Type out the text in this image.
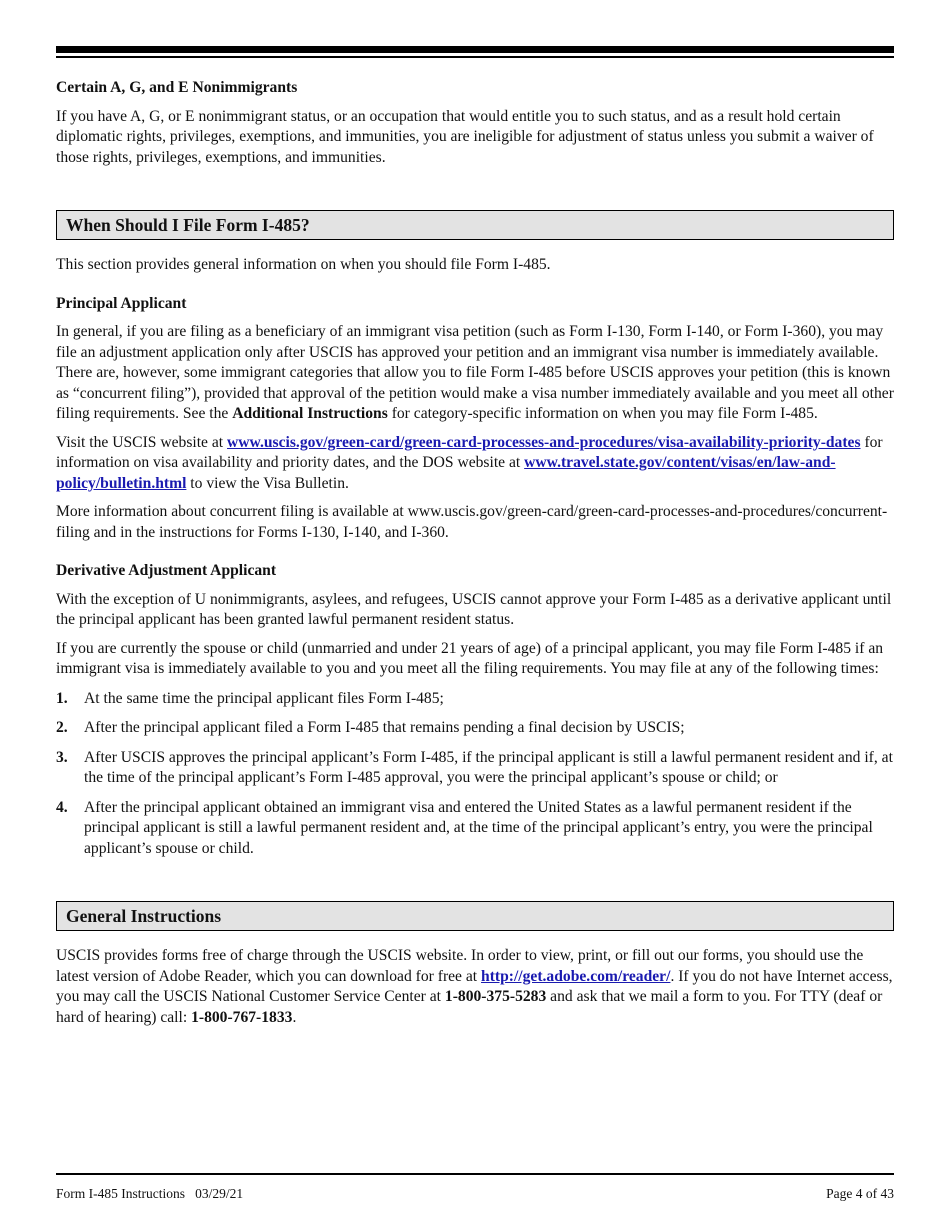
Certain A, G, and E Nonimmigrants

If you have A, G, or E nonimmigrant status, or an occupation that would entitle you to such status, and as a result hold certain diplomatic rights, privileges, exemptions, and immunities, you are ineligible for adjustment of status unless you submit a waiver of those rights, privileges, exemptions, and immunities.

When Should I File Form I-485?

This section provides general information on when you should file Form I-485.

Principal Applicant

In general, if you are filing as a beneficiary of an immigrant visa petition (such as Form I-130, Form I-140, or Form I-360), you may file an adjustment application only after USCIS has approved your petition and an immigrant visa number is immediately available. There are, however, some immigrant categories that allow you to file Form I-485 before USCIS approves your petition (this is known as “concurrent filing”), provided that approval of the petition would make a visa number immediately available and you meet all other filing requirements. See the Additional Instructions for category-specific information on when you may file Form I-485.

Visit the USCIS website at www.uscis.gov/green-card/green-card-processes-and-procedures/visa-availability-priority-dates for information on visa availability and priority dates, and the DOS website at www.travel.state.gov/content/visas/en/law-and-policy/bulletin.html to view the Visa Bulletin.

More information about concurrent filing is available at www.uscis.gov/green-card/green-card-processes-and-procedures/concurrent-filing and in the instructions for Forms I-130, I-140, and I-360.

Derivative Adjustment Applicant

With the exception of U nonimmigrants, asylees, and refugees, USCIS cannot approve your Form I-485 as a derivative applicant until the principal applicant has been granted lawful permanent resident status.

If you are currently the spouse or child (unmarried and under 21 years of age) of a principal applicant, you may file Form I-485 if an immigrant visa is immediately available to you and you meet all the filing requirements. You may file at any of the following times:

1.	At the same time the principal applicant files Form I-485;
2.	After the principal applicant filed a Form I-485 that remains pending a final decision by USCIS;
3.	After USCIS approves the principal applicant’s Form I-485, if the principal applicant is still a lawful permanent resident and if, at the time of the principal applicant’s Form I-485 approval, you were the principal applicant’s spouse or child; or
4.	After the principal applicant obtained an immigrant visa and entered the United States as a lawful permanent resident if the principal applicant is still a lawful permanent resident and, at the time of the principal applicant’s entry, you were the principal applicant’s spouse or child.
General Instructions

USCIS provides forms free of charge through the USCIS website. In order to view, print, or fill out our forms, you should use the latest version of Adobe Reader, which you can download for free at http://get.adobe.com/reader/. If you do not have Internet access, you may call the USCIS National Customer Service Center at 1-800-375-5283 and ask that we mail a form to you. For TTY (deaf or hard of hearing) call: 1-800-767-1833.

Form I-485 Instructions   03/29/21	Page 4 of 43
